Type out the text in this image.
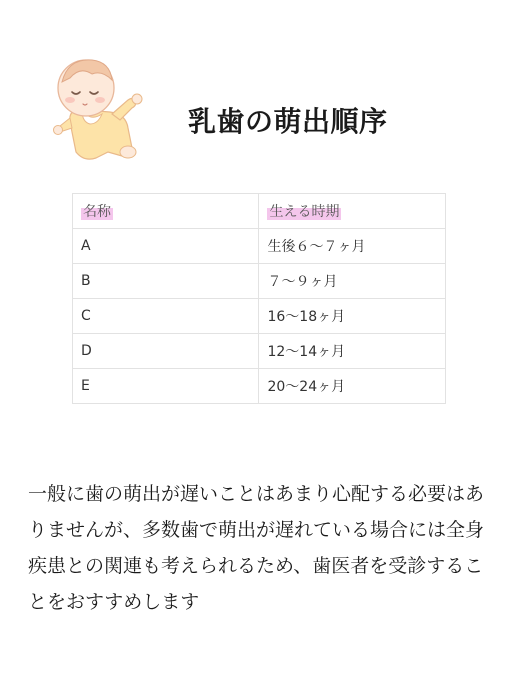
乳歯の萌出順序
名称	生える時期
A	生後６〜７ヶ月
B	７〜９ヶ月
C	16〜18ヶ月
D	12〜14ヶ月
E	20〜24ヶ月

一般に歯の萌出が遅いことはあまり心配する必要はありませんが、多数歯で萌出が遅れている場合には全身疾患との関連も考えられるため、歯医者を受診することをおすすめします
